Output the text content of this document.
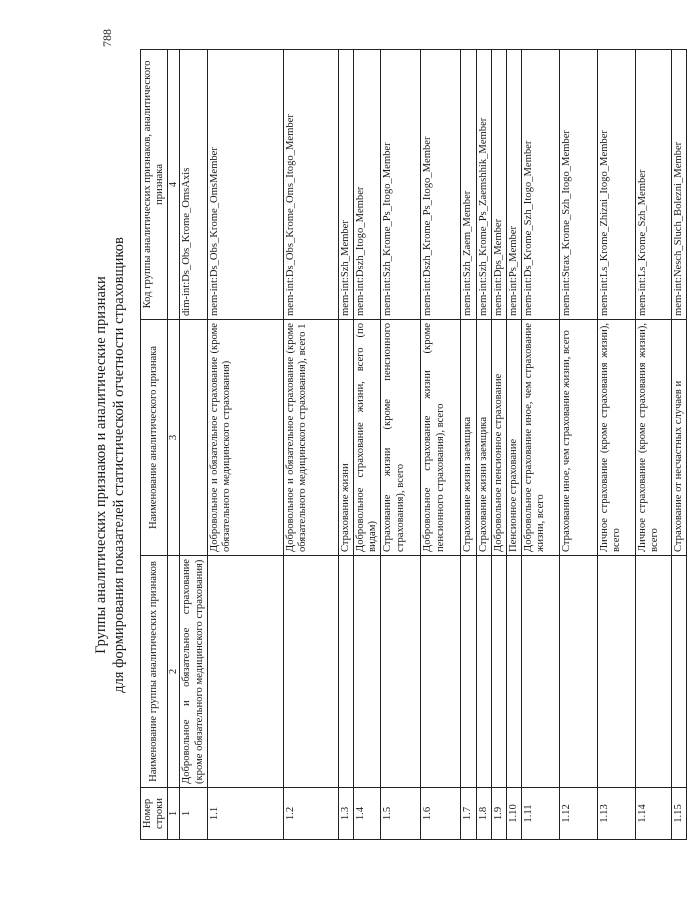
Группы аналитических признаков и аналитические признаки для формирования показателей статистической отчетности страховщиков
788
Номер строки	Наименование группы аналитических признаков	Наименование аналитического признака	Код группы аналитических признаков, аналитического признака
1	2	3	4
1	Добровольное и обязательное страхование (кроме обязательного медицинского страхования)		dim-int:Ds_Obs_Krome_OmsAxis
1.1		Добровольное и обязательное страхование (кроме обязательного медицинского страхования)	mem-int:Ds_Obs_Krome_OmsMember
1.2		Добровольное и обязательное страхование (кроме обязательного медицинского страхования), всего 1	mem-int:Ds_Obs_Krome_Oms_Itogo_Member
1.3		Страхование жизни	mem-int:Szh_Member
1.4		Добровольное страхование жизни, всего (по видам)	mem-int:Dszh_Itogo_Member
1.5		Страхование жизни (кроме пенсионного страхования), всего	mem-int:Szh_Krome_Ps_Itogo_Member
1.6		Добровольное страхование жизни (кроме пенсионного страхования), всего	mem-int:Dszh_Krome_Ps_Itogo_Member
1.7		Страхование жизни заемщика	mem-int:Szh_Zaem_Member
1.8		Страхование жизни заемщика	mem-int:Szh_Krome_Ps_Zaemshhik_Member
1.9		Добровольное пенсионное страхование	mem-int:Dps_Member
1.10		Пенсионное страхование	mem-int:Ps_Member
1.11		Добровольное страхование иное, чем страхование жизни, всего	mem-int:Ds_Krome_Szh_Itogo_Member
1.12		Страхование иное, чем страхование жизни, всего	mem-int:Strax_Krome_Szh_Itogo_Member
1.13		Личное страхование (кроме страхования жизни), всего	mem-int:Ls_Krome_Zhizni_Itogo_Member
1.14		Личное страхование (кроме страхования жизни), всего	mem-int:Ls_Krome_Szh_Member
1.15		Страхование от несчастных случаев и	mem-int:Nesch_Sluch_Bolezni_Member
